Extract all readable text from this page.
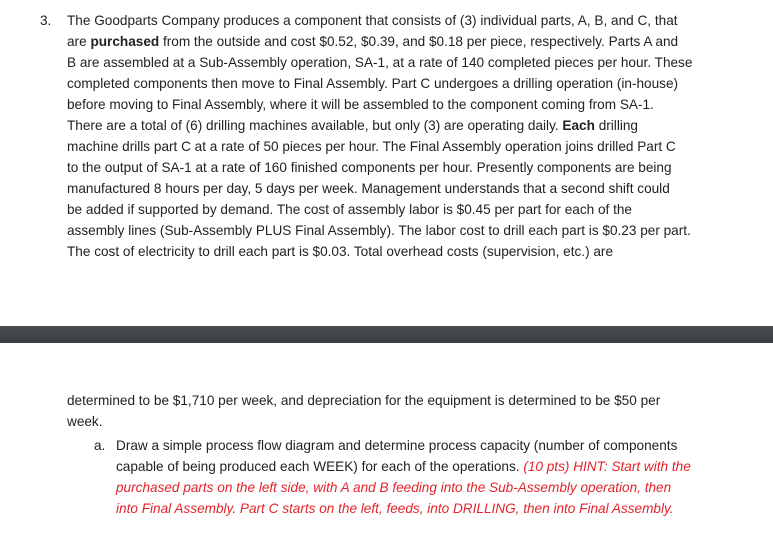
3. The Goodparts Company produces a component that consists of (3) individual parts, A, B, and C, that
are purchased from the outside and cost $0.52, $0.39, and $0.18 per piece, respectively. Parts A and
B are assembled at a Sub-Assembly operation, SA-1, at a rate of 140 completed pieces per hour. These
completed components then move to Final Assembly. Part C undergoes a drilling operation (in-house)
before moving to Final Assembly, where it will be assembled to the component coming from SA-1.
There are a total of (6) drilling machines available, but only (3) are operating daily. Each drilling
machine drills part C at a rate of 50 pieces per hour. The Final Assembly operation joins drilled Part C
to the output of SA-1 at a rate of 160 finished components per hour. Presently components are being
manufactured 8 hours per day, 5 days per week. Management understands that a second shift could
be added if supported by demand. The cost of assembly labor is $0.45 per part for each of the
assembly lines (Sub-Assembly PLUS Final Assembly). The labor cost to drill each part is $0.23 per part.
The cost of electricity to drill each part is $0.03. Total overhead costs (supervision, etc.) are
determined to be $1,710 per week, and depreciation for the equipment is determined to be $50 per
week.
a. Draw a simple process flow diagram and determine process capacity (number of components
capable of being produced each WEEK) for each of the operations. (10 pts) HINT: Start with the
purchased parts on the left side, with A and B feeding into the Sub-Assembly operation, then
into Final Assembly. Part C starts on the left, feeds, into DRILLING, then into Final Assembly.
